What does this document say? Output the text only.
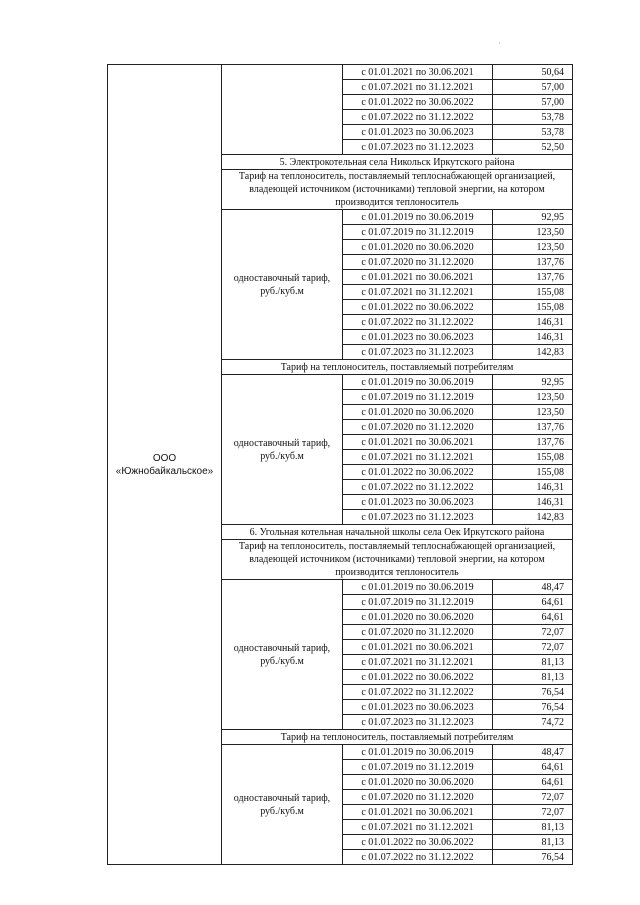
·
ООО «Южнобайкальское»		с 01.01.2021 по 30.06.2021	50,64
		с 01.07.2021 по 31.12.2021	57,00
		с 01.01.2022 по 30.06.2022	57,00
		с 01.07.2022 по 31.12.2022	53,78
		с 01.01.2023 по 30.06.2023	53,78
		с 01.07.2023 по 31.12.2023	52,50
	5. Электрокотельная села Никольск Иркутского района		
	Тариф на теплоноситель, поставляемый теплоснабжающей организацией, владеющей источником (источниками) тепловой энергии, на котором производится теплоноситель		
	одноставочный тариф, руб./куб.м	с 01.01.2019 по 30.06.2019	92,95
		с 01.07.2019 по 31.12.2019	123,50
		с 01.01.2020 по 30.06.2020	123,50
		с 01.07.2020 по 31.12.2020	137,76
		с 01.01.2021 по 30.06.2021	137,76
		с 01.07.2021 по 31.12.2021	155,08
		с 01.01.2022 по 30.06.2022	155,08
		с 01.07.2022 по 31.12.2022	146,31
		с 01.01.2023 по 30.06.2023	146,31
		с 01.07.2023 по 31.12.2023	142,83
	Тариф на теплоноситель, поставляемый потребителям		
	одноставочный тариф, руб./куб.м	с 01.01.2019 по 30.06.2019	92,95
		с 01.07.2019 по 31.12.2019	123,50
		с 01.01.2020 по 30.06.2020	123,50
		с 01.07.2020 по 31.12.2020	137,76
		с 01.01.2021 по 30.06.2021	137,76
		с 01.07.2021 по 31.12.2021	155,08
		с 01.01.2022 по 30.06.2022	155,08
		с 01.07.2022 по 31.12.2022	146,31
		с 01.01.2023 по 30.06.2023	146,31
		с 01.07.2023 по 31.12.2023	142,83
	6. Угольная котельная начальной школы села Оек Иркутского района		
	Тариф на теплоноситель, поставляемый теплоснабжающей организацией, владеющей источником (источниками) тепловой энергии, на котором производится теплоноситель		
	одноставочный тариф, руб./куб.м	с 01.01.2019 по 30.06.2019	48,47
		с 01.07.2019 по 31.12.2019	64,61
		с 01.01.2020 по 30.06.2020	64,61
		с 01.07.2020 по 31.12.2020	72,07
		с 01.01.2021 по 30.06.2021	72,07
		с 01.07.2021 по 31.12.2021	81,13
		с 01.01.2022 по 30.06.2022	81,13
		с 01.07.2022 по 31.12.2022	76,54
		с 01.01.2023 по 30.06.2023	76,54
		с 01.07.2023 по 31.12.2023	74,72
	Тариф на теплоноситель, поставляемый потребителям		
	одноставочный тариф, руб./куб.м	с 01.01.2019 по 30.06.2019	48,47
		с 01.07.2019 по 31.12.2019	64,61
		с 01.01.2020 по 30.06.2020	64,61
		с 01.07.2020 по 31.12.2020	72,07
		с 01.01.2021 по 30.06.2021	72,07
		с 01.07.2021 по 31.12.2021	81,13
		с 01.01.2022 по 30.06.2022	81,13
		с 01.07.2022 по 31.12.2022	76,54
